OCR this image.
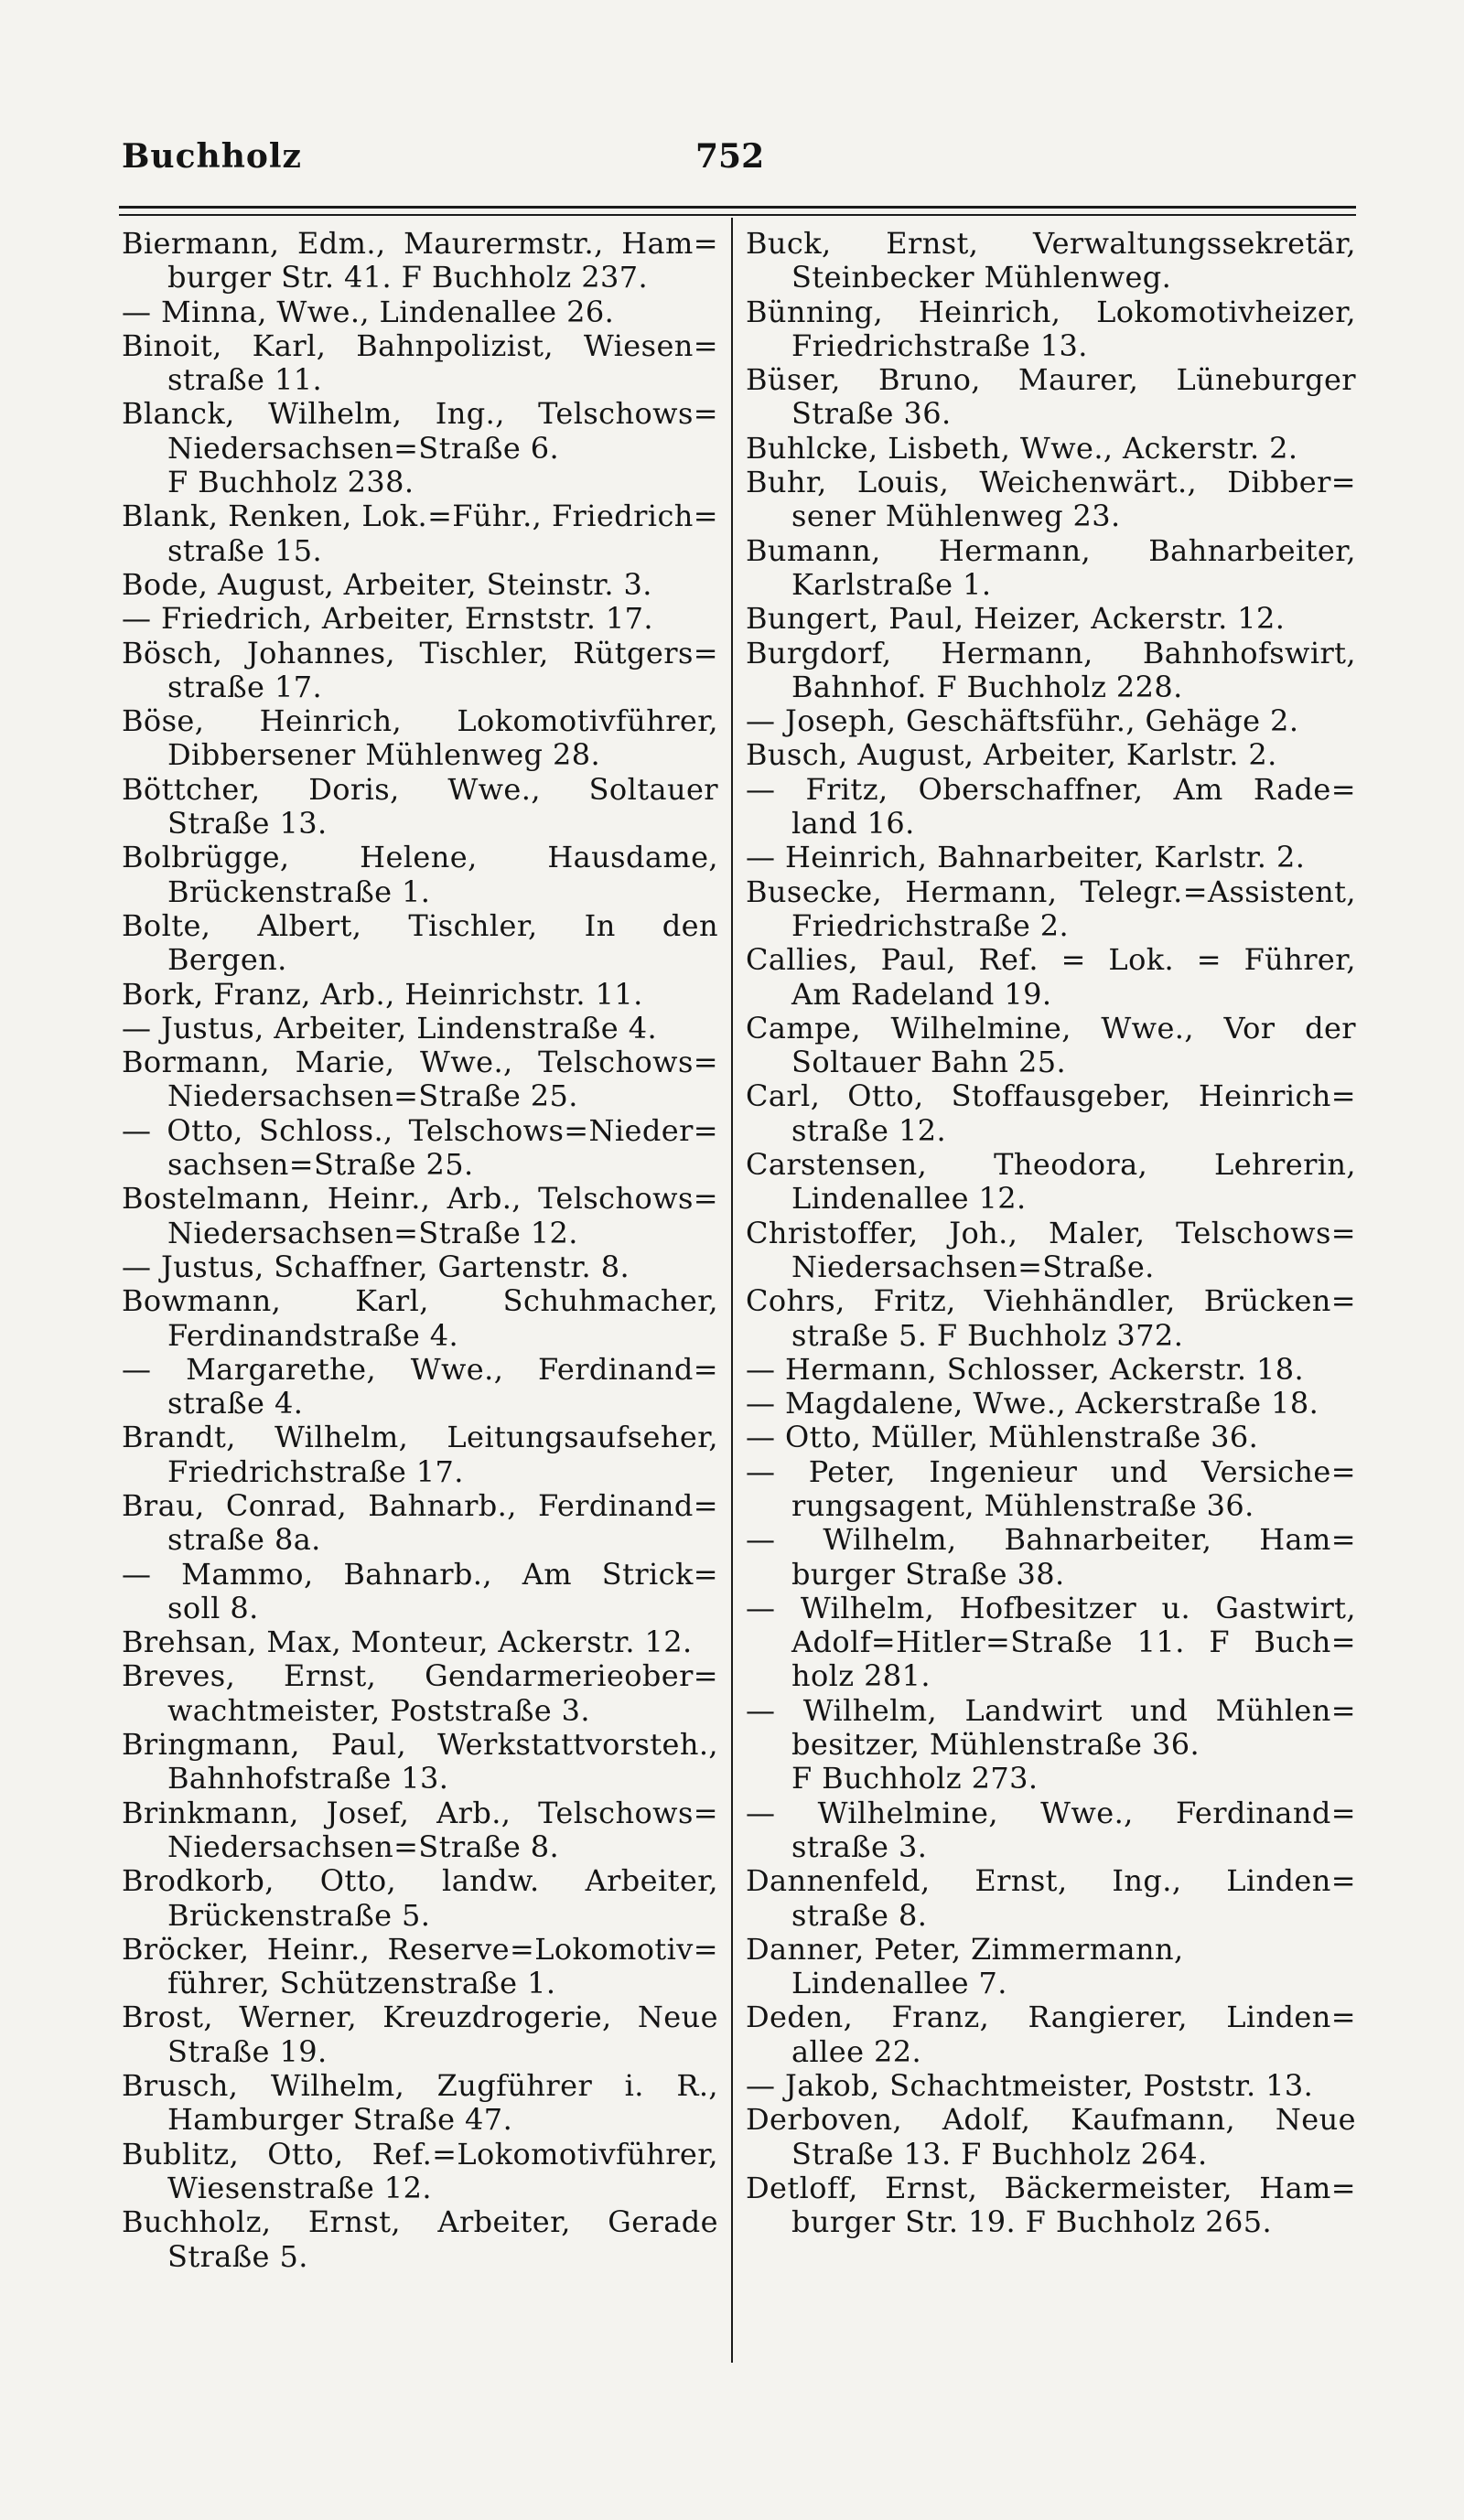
Buchholz	752
Biermann, Edm., Maurermstr., Ham=
burger Str. 41. F Buchholz 237.
— Minna, Wwe., Lindenallee 26.
Binoit, Karl, Bahnpolizist, Wiesen=
straße 11.
Blanck, Wilhelm, Ing., Telschows=
Niedersachsen=Straße 6.
F Buchholz 238.
Blank, Renken, Lok.=Führ., Friedrich=
straße 15.
Bode, August, Arbeiter, Steinstr. 3.
— Friedrich, Arbeiter, Ernststr. 17.
Bösch, Johannes, Tischler, Rütgers=
straße 17.
Böse, Heinrich, Lokomotivführer,
Dibbersener Mühlenweg 28.
Böttcher, Doris, Wwe., Soltauer
Straße 13.
Bolbrügge, Helene, Hausdame,
Brückenstraße 1.
Bolte, Albert, Tischler, In den
Bergen.
Bork, Franz, Arb., Heinrichstr. 11.
— Justus, Arbeiter, Lindenstraße 4.
Bormann, Marie, Wwe., Telschows=
Niedersachsen=Straße 25.
— Otto, Schloss., Telschows=Nieder=
sachsen=Straße 25.
Bostelmann, Heinr., Arb., Telschows=
Niedersachsen=Straße 12.
— Justus, Schaffner, Gartenstr. 8.
Bowmann, Karl, Schuhmacher,
Ferdinandstraße 4.
— Margarethe, Wwe., Ferdinand=
straße 4.
Brandt, Wilhelm, Leitungsaufseher,
Friedrichstraße 17.
Brau, Conrad, Bahnarb., Ferdinand=
straße 8a.
— Mammo, Bahnarb., Am Strick=
soll 8.
Brehsan, Max, Monteur, Ackerstr. 12.
Breves, Ernst, Gendarmerieober=
wachtmeister, Poststraße 3.
Bringmann, Paul, Werkstattvorsteh.,
Bahnhofstraße 13.
Brinkmann, Josef, Arb., Telschows=
Niedersachsen=Straße 8.
Brodkorb, Otto, landw. Arbeiter,
Brückenstraße 5.
Bröcker, Heinr., Reserve=Lokomotiv=
führer, Schützenstraße 1.
Brost, Werner, Kreuzdrogerie, Neue
Straße 19.
Brusch, Wilhelm, Zugführer i. R.,
Hamburger Straße 47.
Bublitz, Otto, Ref.=Lokomotivführer,
Wiesenstraße 12.
Buchholz, Ernst, Arbeiter, Gerade
Straße 5.
Buck, Ernst, Verwaltungssekretär,
Steinbecker Mühlenweg.
Bünning, Heinrich, Lokomotivheizer,
Friedrichstraße 13.
Büser, Bruno, Maurer, Lüneburger
Straße 36.
Buhlcke, Lisbeth, Wwe., Ackerstr. 2.
Buhr, Louis, Weichenwärt., Dibber=
sener Mühlenweg 23.
Bumann, Hermann, Bahnarbeiter,
Karlstraße 1.
Bungert, Paul, Heizer, Ackerstr. 12.
Burgdorf, Hermann, Bahnhofswirt,
Bahnhof. F Buchholz 228.
— Joseph, Geschäftsführ., Gehäge 2.
Busch, August, Arbeiter, Karlstr. 2.
— Fritz, Oberschaffner, Am Rade=
land 16.
— Heinrich, Bahnarbeiter, Karlstr. 2.
Busecke, Hermann, Telegr.=Assistent,
Friedrichstraße 2.
Callies, Paul, Ref. = Lok. = Führer,
Am Radeland 19.
Campe, Wilhelmine, Wwe., Vor der
Soltauer Bahn 25.
Carl, Otto, Stoffausgeber, Heinrich=
straße 12.
Carstensen, Theodora, Lehrerin,
Lindenallee 12.
Christoffer, Joh., Maler, Telschows=
Niedersachsen=Straße.
Cohrs, Fritz, Viehhändler, Brücken=
straße 5. F Buchholz 372.
— Hermann, Schlosser, Ackerstr. 18.
— Magdalene, Wwe., Ackerstraße 18.
— Otto, Müller, Mühlenstraße 36.
— Peter, Ingenieur und Versiche=
rungsagent, Mühlenstraße 36.
— Wilhelm, Bahnarbeiter, Ham=
burger Straße 38.
— Wilhelm, Hofbesitzer u. Gastwirt,
Adolf=Hitler=Straße 11. F Buch=
holz 281.
— Wilhelm, Landwirt und Mühlen=
besitzer, Mühlenstraße 36.
F Buchholz 273.
— Wilhelmine, Wwe., Ferdinand=
straße 3.
Dannenfeld, Ernst, Ing., Linden=
straße 8.
Danner, Peter, Zimmermann,
Lindenallee 7.
Deden, Franz, Rangierer, Linden=
allee 22.
— Jakob, Schachtmeister, Poststr. 13.
Derboven, Adolf, Kaufmann, Neue
Straße 13. F Buchholz 264.
Detloff, Ernst, Bäckermeister, Ham=
burger Str. 19. F Buchholz 265.
